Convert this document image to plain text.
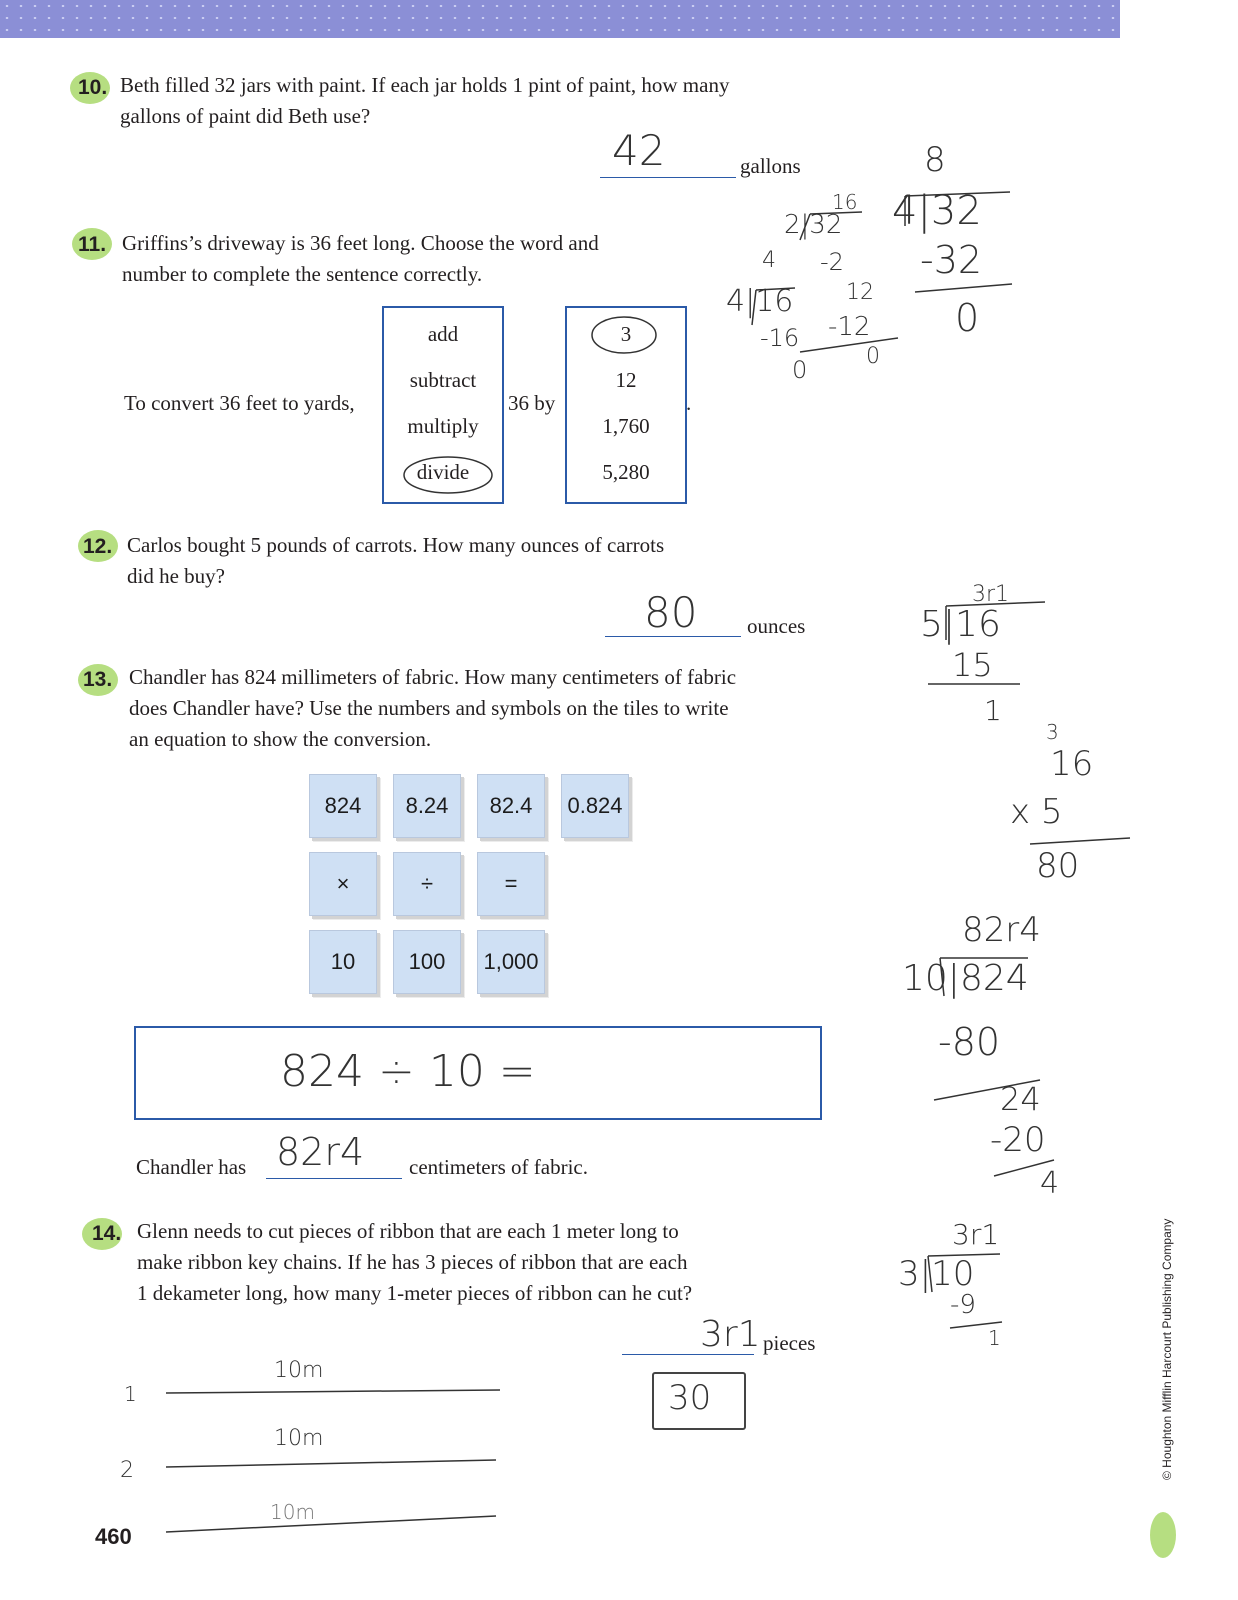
10. Beth filled 32 jars with paint. If each jar holds 1 pint of paint, how many
gallons of paint did Beth use?
42	gallons
11. Griffins’s driveway is 36 feet long. Choose the word and
number to complete the sentence correctly.
To convert 36 feet to yards,
add
subtract
multiply
divide
36 by
3
12
1,760
5,280
.
12. Carlos bought 5 pounds of carrots. How many ounces of carrots
did he buy?
80 ounces
13. Chandler has 824 millimeters of fabric. How many centimeters of fabric
does Chandler have? Use the numbers and symbols on the tiles to write
an equation to show the conversion.
824	8.24	82.4	0.824
×	÷	=
10	100	1,000
824 ÷ 10 =
Chandler has 82r4 centimeters of fabric.
14. Glenn needs to cut pieces of ribbon that are each 1 meter long to
make ribbon key chains. If he has 3 pieces of ribbon that are each
1 dekameter long, how many 1-meter pieces of ribbon can he cut?
3r1 pieces
30
10m
10m
10m
1
2
8
4|32
-32
0
16
2|32
-2
12
-12
0
4
4|16
-16
0
3r1
5|16
15
1
3
16
x 5
80
82r4
10|824
-80
24
-20
4
3r1
3|10
-9
1
460
© Houghton Mifflin Harcourt Publishing Company
